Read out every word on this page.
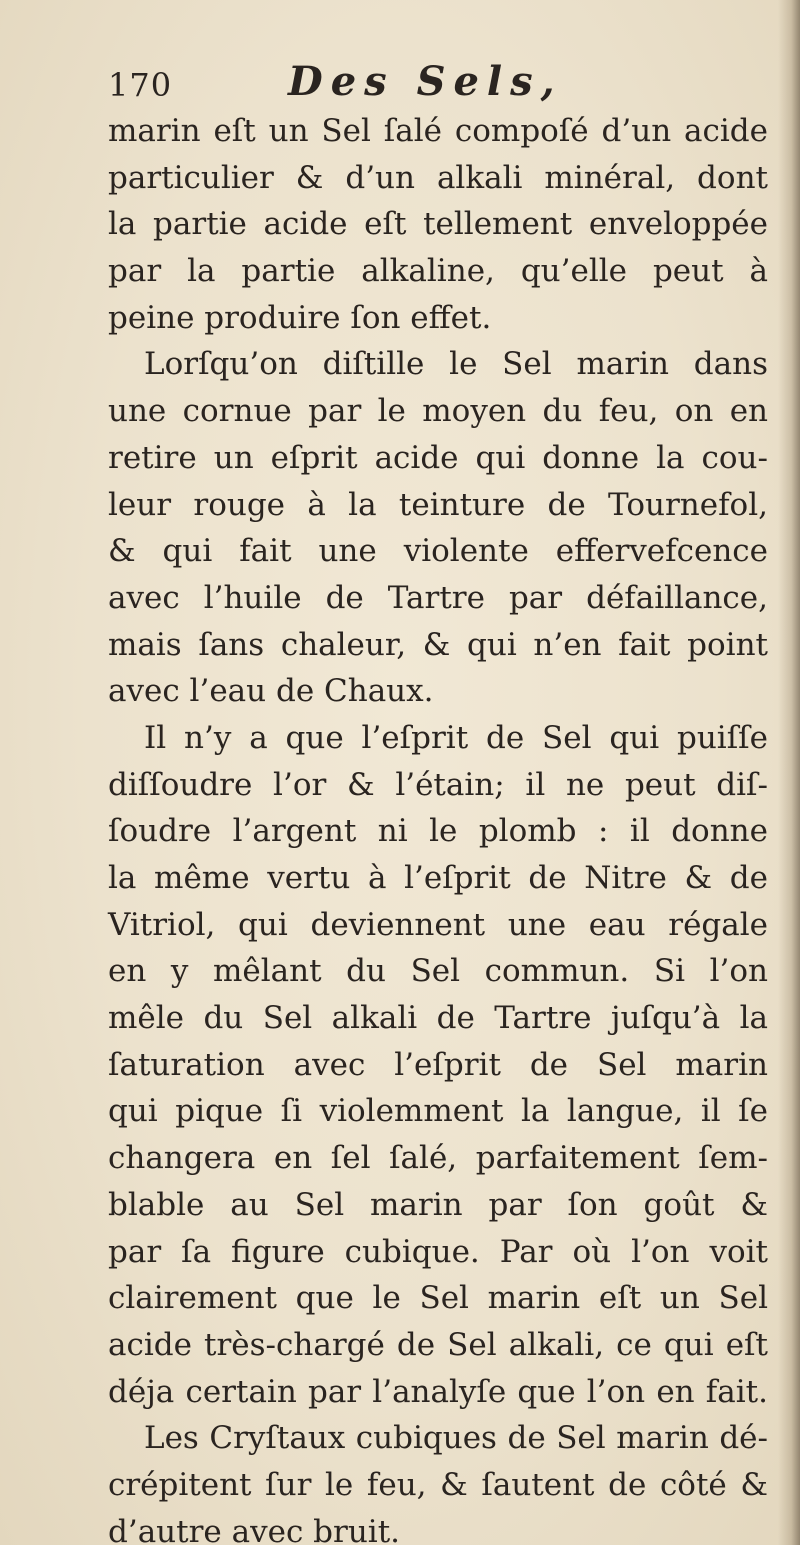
170	Des Sels,
marin eſt un Sel ſalé compoſé d’un acide
particulier & d’un alkali minéral, dont
la partie acide eſt tellement enveloppée
par la partie alkaline, qu’elle peut à
peine produire ſon effet.
Lorſqu’on diſtille le Sel marin dans
une cornue par le moyen du feu, on en
retire un eſprit acide qui donne la cou-
leur rouge à la teinture de Tournefol,
& qui fait une violente effervefcence
avec l’huile de Tartre par défaillance,
mais ſans chaleur, & qui n’en fait point
avec l’eau de Chaux.
Il n’y a que l’eſprit de Sel qui puiſſe
diſſoudre l’or & l’étain; il ne peut diſ-
ſoudre l’argent ni le plomb : il donne
la même vertu à l’eſprit de Nitre & de
Vitriol, qui deviennent une eau régale
en y mêlant du Sel commun. Si l’on
mêle du Sel alkali de Tartre juſqu’à la
ſaturation avec l’eſprit de Sel marin
qui pique ſi violemment la langue, il ſe
changera en ſel ſalé, parfaitement ſem-
blable au Sel marin par ſon goût &
par ſa figure cubique. Par où l’on voit
clairement que le Sel marin eſt un Sel
acide très-chargé de Sel alkali, ce qui eſt
déja certain par l’analyſe que l’on en fait.
Les Cryſtaux cubiques de Sel marin dé-
crépitent ſur le feu, & ſautent de côté &
d’autre avec bruit.
